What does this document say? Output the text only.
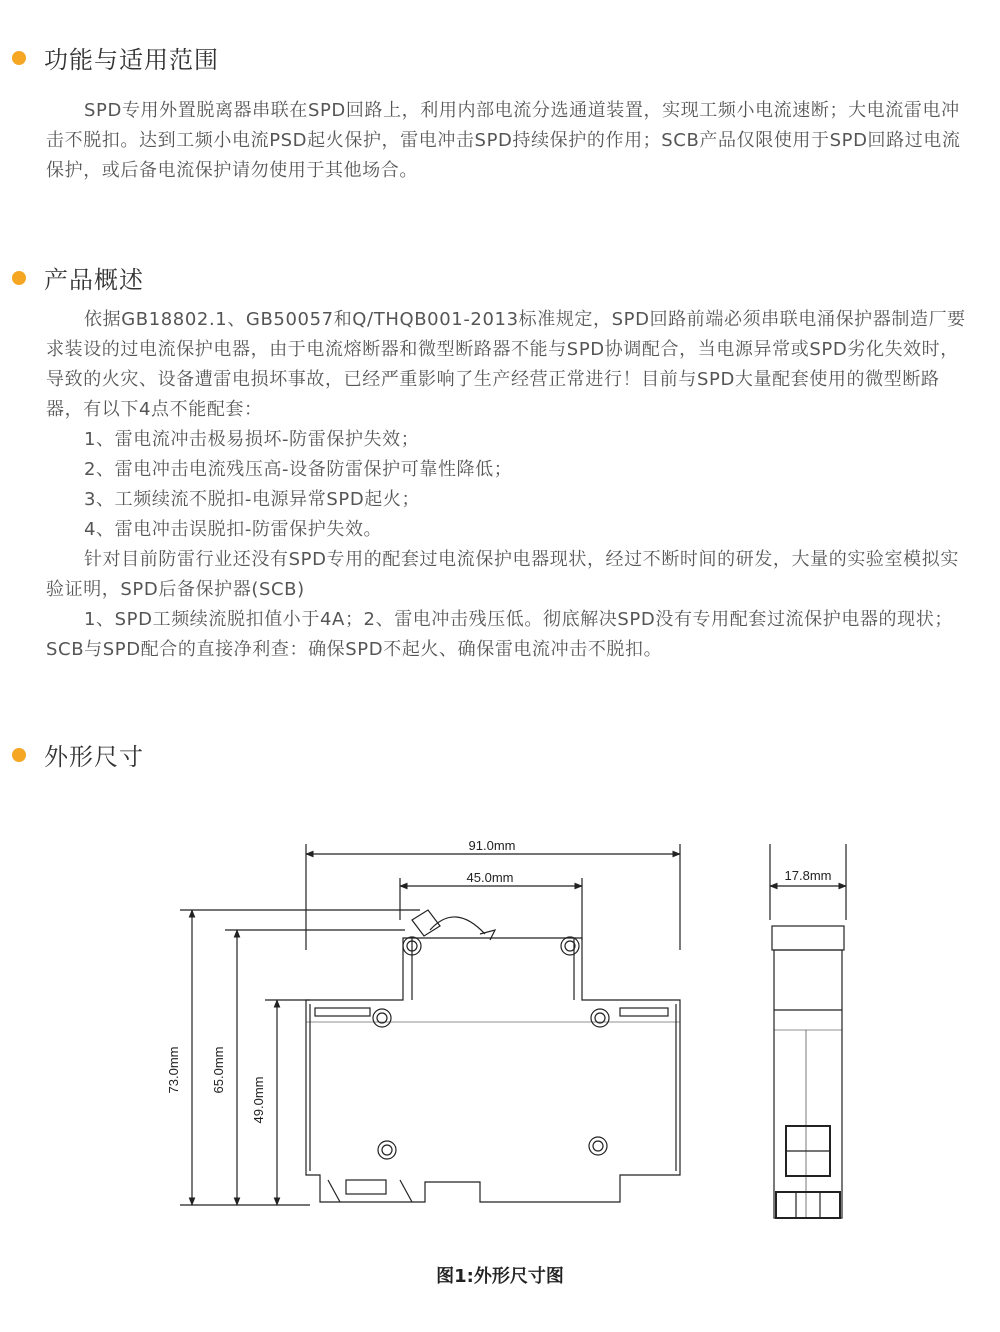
功能与适用范围

SPD专用外置脱离器串联在SPD回路上，利用内部电流分选通道装置，实现工频小电流速断；大电流雷电冲击不脱扣。达到工频小电流PSD起火保护，雷电冲击SPD持续保护的作用；SCB产品仅限使用于SPD回路过电流保护，或后备电流保护请勿使用于其他场合。

产品概述

依据GB18802.1、GB50057和Q/THQB001-2013标准规定，SPD回路前端必须串联电涌保护器制造厂要求装设的过电流保护电器，由于电流熔断器和微型断路器不能与SPD协调配合，当电源异常或SPD劣化失效时，导致的火灾、设备遭雷电损坏事故，已经严重影响了生产经营正常进行！目前与SPD大量配套使用的微型断路器，有以下4点不能配套：

1、雷电流冲击极易损坏-防雷保护失效；

2、雷电冲击电流残压高-设备防雷保护可靠性降低；

3、工频续流不脱扣-电源异常SPD起火；

4、雷电冲击误脱扣-防雷保护失效。

针对目前防雷行业还没有SPD专用的配套过电流保护电器现状，经过不断时间的研发，大量的实验室模拟实验证明，SPD后备保护器(SCB)

1、SPD工频续流脱扣值小于4A；2、雷电冲击残压低。彻底解决SPD没有专用配套过流保护电器的现状；SCB与SPD配合的直接净利查：确保SPD不起火、确保雷电流冲击不脱扣。

外形尺寸
91.0mm
45.0mm	17.8mm
73.0mm 65.0mm
49.0mm
图1:外形尺寸图
